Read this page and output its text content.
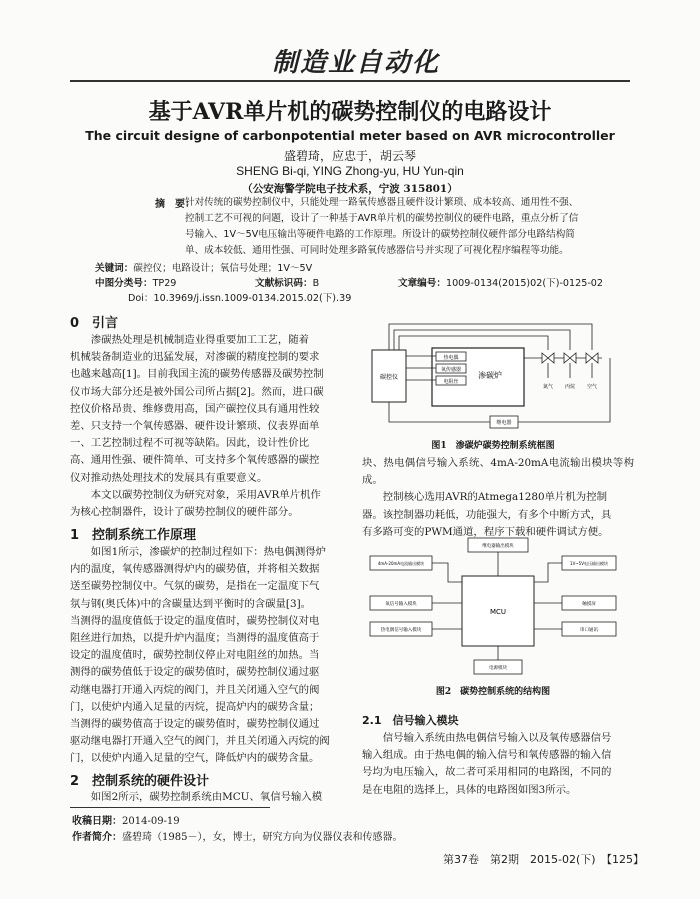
制造业自动化
基于AVR单片机的碳势控制仪的电路设计
The circuit designe of carbonpotential meter based on AVR microcontroller
盛碧琦，应忠于，胡云琴
SHENG Bi-qi, YING Zhong-yu, HU Yun-qin
（公安海警学院电子技术系，宁波 315801）
摘　要：
针对传统的碳势控制仪中，只能处理一路氧传感器且硬件设计繁琐、成本较高、通用性不强、
控制工艺不可视的问题，设计了一种基于AVR单片机的碳势控制仪的硬件电路，重点分析了信
号输入、1V～5V电压输出等硬件电路的工作原理。所设计的碳势控制仪硬件部分电路结构简
单、成本较低、通用性强、可同时处理多路氧传感器信号并实现了可视化程序编程等功能。
关键词：碳控仪；电路设计；氧信号处理；1V～5V
中图分类号：TP29	文献标识码：B	文章编号：1009-0134(2015)02(下)-0125-02
Doi：10.3969/j.issn.1009-0134.2015.02(下).39
0　引言
渗碳热处理是机械制造业得重要加工工艺，随着
机械装备制造业的迅猛发展，对渗碳的精度控制的要求
也越来越高[1]。目前我国主流的碳势传感器及碳势控制
仪市场大部分还是被外国公司所占据[2]。然而，进口碳
控仪价格昂贵、维修费用高，国产碳控仪具有通用性较
差、只支持一个氧传感器、硬件设计繁琐、仪表界面单
一、工艺控制过程不可视等缺陷。因此，设计性价比
高、通用性强、硬件简单、可支持多个氧传感器的碳控
仪对推动热处理技术的发展具有重要意义。
本文以碳势控制仪为研究对象，采用AVR单片机作
为核心控制器件，设计了碳势控制仪的硬件部分。
1　控制系统工作原理
如图1所示，渗碳炉的控制过程如下：热电偶测得炉
内的温度，氧传感器测得炉内的碳势值，并将相关数据
送至碳势控制仪中。气氛的碳势，是指在一定温度下气
氛与钢(奥氏体)中的含碳量达到平衡时的含碳量[3]。
当测得的温度值低于设定的温度值时，碳势控制仪对电
阻丝进行加热，以提升炉内温度；当测得的温度值高于
设定的温度值时，碳势控制仪停止对电阻丝的加热。当
测得的碳势值低于设定的碳势值时，碳势控制仪通过驱
动继电器打开通入丙烷的阀门，并且关闭通入空气的阀
门，以使炉内通入足量的丙烷，提高炉内的碳势含量；
当测得的碳势值高于设定的碳势值时，碳势控制仪通过
驱动继电器打开通入空气的阀门，并且关闭通入丙烷的阀
门，以使炉内通入足量的空气，降低炉内的碳势含量。
2　控制系统的硬件设计
如图2所示，碳势控制系统由MCU、氧信号输入模
碳控仪
热电偶
氧传感器
电阻丝
渗碳炉
氮气 丙烷 空气
继电器
图1　渗碳炉碳势控制系统框图
块、热电偶信号输入系统、4mA-20mA电流输出模块等构成。
控制核心选用AVR的Atmega1280单片机为控制
器。该控制器功耗低，功能强大，有多个中断方式，具
有多路可变的PWM通道，程序下载和硬件调试方便。
MCU
继电器输出模块
4mA-20mA电流输出模块
氧信号输入模块
热电偶信号输入模块
1V~5V电压输出模块
触摸屏
串口通讯
电源模块
图2　碳势控制系统的结构图
2.1　信号输入模块
信号输入系统由热电偶信号输入以及氧传感器信号
输入组成。由于热电偶的输入信号和氧传感器的输入信
号均为电压输入，故二者可采用相同的电路图，不同的
是在电阻的选择上，具体的电路图如图3所示。
收稿日期：2014-09-19
作者简介：盛碧琦（1985－），女，博士，研究方向为仪器仪表和传感器。
第37卷　第2期　2015-02(下)　【125】
